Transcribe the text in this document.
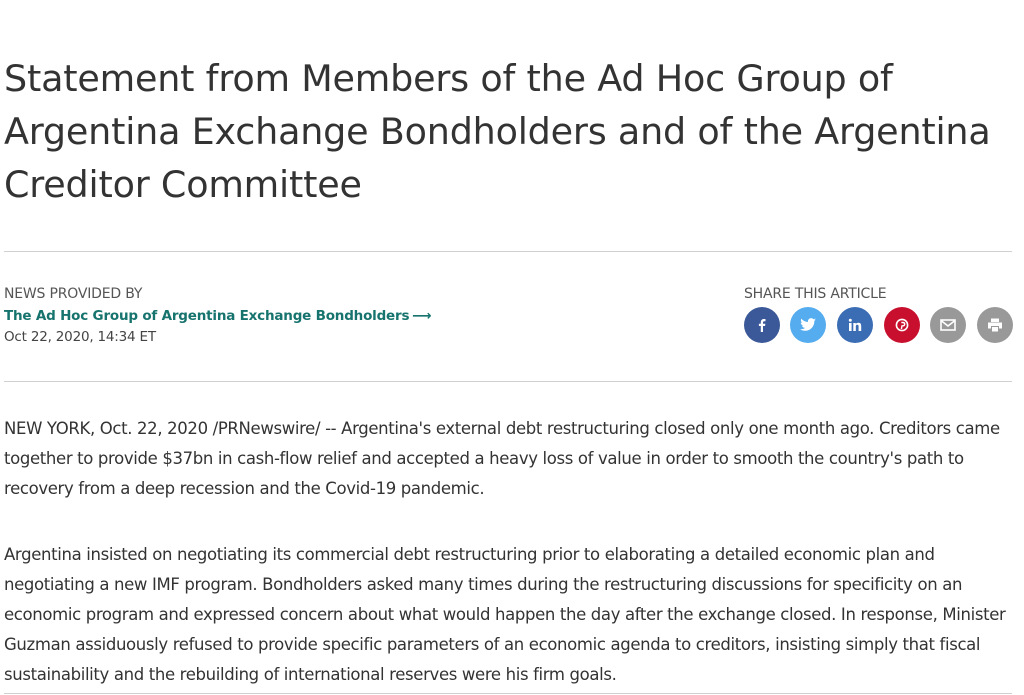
Statement from Members of the Ad Hoc Group of Argentina Exchange Bondholders and of the Argentina Creditor Committee
NEWS PROVIDED BY
The Ad Hoc Group of Argentina Exchange Bondholders ⟶
Oct 22, 2020, 14:34 ET
SHARE THIS ARTICLE

NEW YORK, Oct. 22, 2020 /PRNewswire/ -- Argentina's external debt restructuring closed only one month ago. Creditors came together to provide $37bn in cash-flow relief and accepted a heavy loss of value in order to smooth the country's path to recovery from a deep recession and the Covid-19 pandemic.

Argentina insisted on negotiating its commercial debt restructuring prior to elaborating a detailed economic plan and negotiating a new IMF program. Bondholders asked many times during the restructuring discussions for specificity on an economic program and expressed concern about what would happen the day after the exchange closed. In response, Minister Guzman assiduously refused to provide specific parameters of an economic agenda to creditors, insisting simply that fiscal sustainability and the rebuilding of international reserves were his firm goals.
